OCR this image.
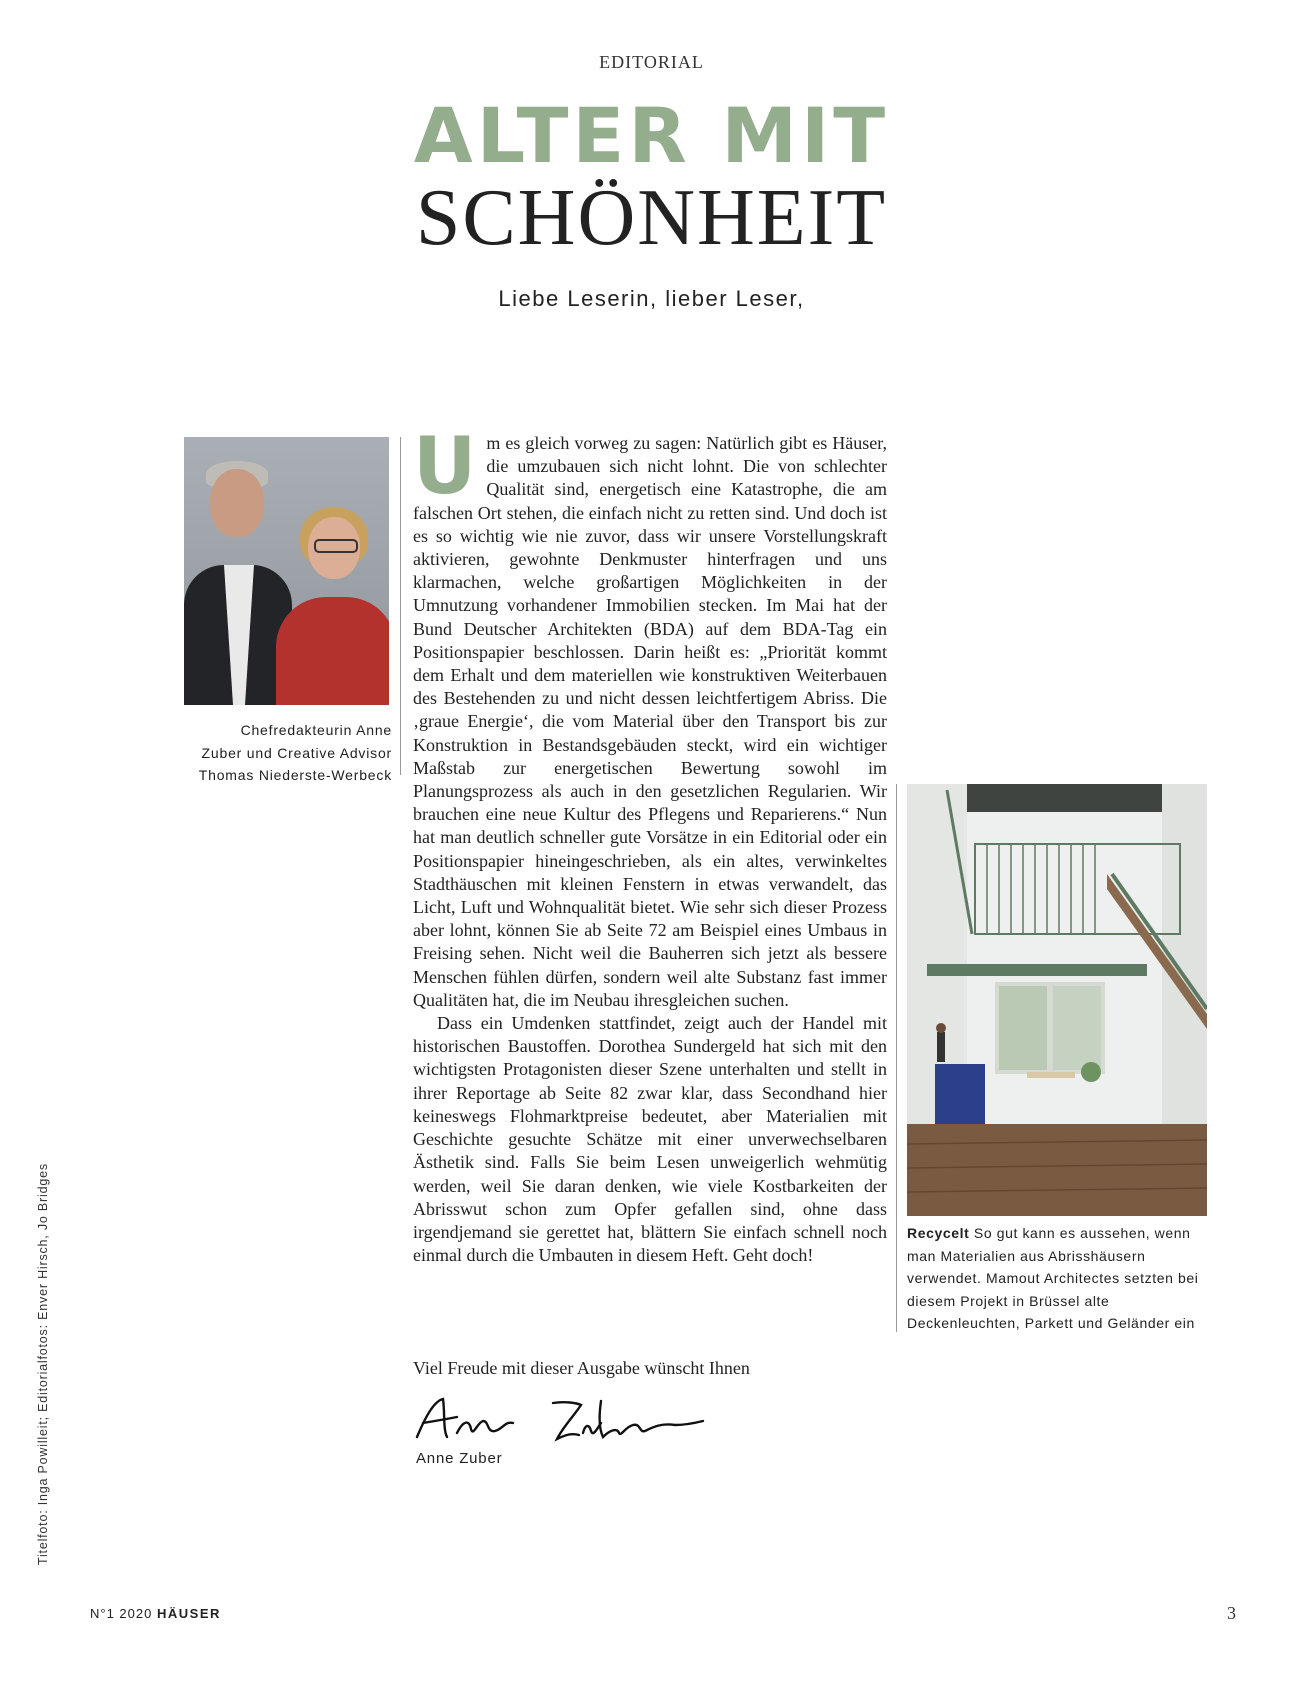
EDITORIAL
ALTER MIT
SCHÖNHEIT
Liebe Leserin, lieber Leser,
Chefredakteurin Anne
Zuber und Creative Advisor
Thomas Niederste-Werbeck

Um es gleich vorweg zu sagen: Natürlich gibt es Häuser, die umzubauen sich nicht lohnt. Die von schlechter Qualität sind, energetisch eine Katastrophe, die am falschen Ort stehen, die einfach nicht zu retten sind. Und doch ist es so wichtig wie nie zuvor, dass wir unsere Vorstellungskraft aktivieren, gewohnte Denkmuster hinterfragen und uns klarmachen, welche großartigen Möglichkeiten in der Umnutzung vorhandener Immobilien stecken. Im Mai hat der Bund Deutscher Architekten (BDA) auf dem BDA-Tag ein Positionspapier beschlossen. Darin heißt es: „Priorität kommt dem Erhalt und dem materiellen wie konstruktiven Weiterbauen des Bestehenden zu und nicht dessen leichtfertigem Abriss. Die ‚graue Energie‘, die vom Material über den Transport bis zur Konstruktion in Bestandsgebäuden steckt, wird ein wichtiger Maßstab zur energetischen Bewertung sowohl im Planungsprozess als auch in den gesetzlichen Regularien. Wir brauchen eine neue Kultur des Pflegens und Reparierens.“ Nun hat man deutlich schneller gute Vorsätze in ein Editorial oder ein Positionspapier hineingeschrieben, als ein altes, verwinkeltes Stadthäuschen mit kleinen Fenstern in etwas verwandelt, das Licht, Luft und Wohnqualität bietet. Wie sehr sich dieser Prozess aber lohnt, können Sie ab Seite 72 am Beispiel eines Umbaus in Freising sehen. Nicht weil die Bauherren sich jetzt als bessere Menschen fühlen dürfen, sondern weil alte Substanz fast immer Qualitäten hat, die im Neubau ihresgleichen suchen.

Dass ein Umdenken stattfindet, zeigt auch der Handel mit historischen Baustoffen. Dorothea Sundergeld hat sich mit den wichtigsten Protagonisten dieser Szene unterhalten und stellt in ihrer Reportage ab Seite 82 zwar klar, dass Secondhand hier keineswegs Flohmarktpreise bedeutet, aber Materialien mit Geschichte gesuchte Schätze mit einer unverwechselbaren Ästhetik sind. Falls Sie beim Lesen unweigerlich wehmütig werden, weil Sie daran denken, wie viele Kostbarkeiten der Abrisswut schon zum Opfer gefallen sind, ohne dass irgendjemand sie gerettet hat, blättern Sie einfach schnell noch einmal durch die Umbauten in diesem Heft. Geht doch!

Viel Freude mit dieser Ausgabe wünscht Ihnen
Anne Zuber
Recycelt So gut kann es aussehen, wenn man Materialien aus Abrisshäusern verwendet. Mamout Architectes setzten bei diesem Projekt in Brüssel alte Deckenleuchten, Parkett und Geländer ein
Titelfoto: Inga Powilleit; Editorialfotos: Enver Hirsch, Jo Bridges
N°1 2020 HÄUSER	3
